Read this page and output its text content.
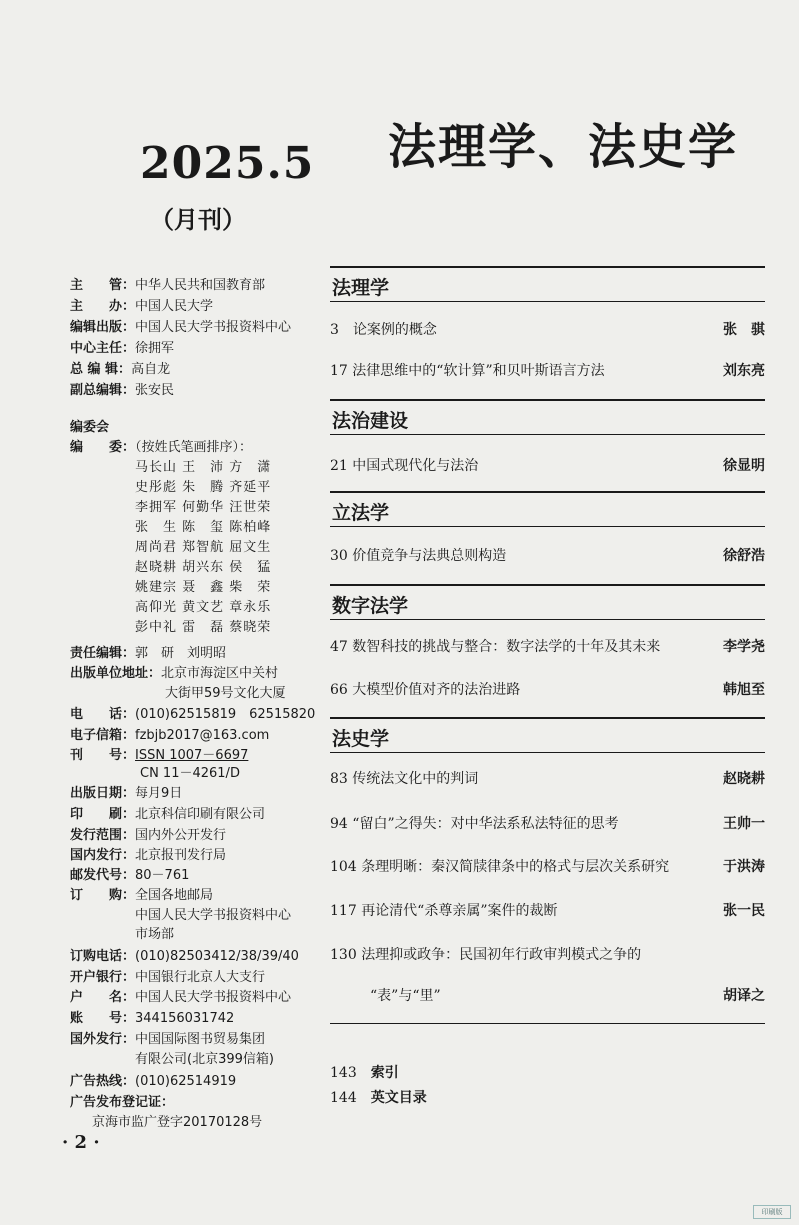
2025.5
（月刊）
法理学、法史学
主　　管：中华人民共和国教育部
主　　办：中国人民大学
编辑出版：中国人民大学书报资料中心
中心主任：徐拥军
总 编 辑：高自龙
副总编辑：张安民
编委会
编　　委：（按姓氏笔画排序）：
马长山 王　沛 方　潇
史彤彪 朱　腾 齐延平
李拥军 何勤华 汪世荣
张　生 陈　玺 陈柏峰
周尚君 郑智航 屈文生
赵晓耕 胡兴东 侯　猛
姚建宗 聂　鑫 柴　荣
高仰光 黄文艺 章永乐
彭中礼 雷　磊 蔡晓荣
责任编辑：郭　研　刘明昭
出版单位地址：北京市海淀区中关村
大街甲59号文化大厦
电　　话：(010)62515819　62515820
电子信箱：fzbjb2017@163.com
刊　　号：ISSN 1007－6697
CN 11－4261/D
出版日期：每月9日
印　　刷：北京科信印刷有限公司
发行范围：国内外公开发行
国内发行：北京报刊发行局
邮发代号：80－761
订　　购：全国各地邮局
中国人民大学书报资料中心
市场部
订购电话：(010)82503412/38/39/40
开户银行：中国银行北京人大支行
户　　名：中国人民大学书报资料中心
账　　号：344156031742
国外发行：中国国际图书贸易集团
有限公司(北京399信箱)
广告热线：(010)62514919
广告发布登记证：
京海市监广登字20170128号
法理学
3　 论案例的概念	张　骐
17 法律思维中的“软计算”和贝叶斯语言方法	刘东亮
法治建设
21 中国式现代化与法治	徐显明
立法学
30 价值竞争与法典总则构造	徐舒浩
数字法学
47 数智科技的挑战与整合：数字法学的十年及其未来	李学尧
66 大模型价值对齐的法治进路	韩旭至
法史学
83 传统法文化中的判词	赵晓耕
94 “留白”之得失：对中华法系私法特征的思考	王帅一
104 条理明晰：秦汉简牍律条中的格式与层次关系研究	于洪涛
117 再论清代“杀尊亲属”案件的裁断	张一民
130 法理抑或政争：民国初年行政审判模式之争的
“表”与“里”	胡译之
143　 索引
144　 英文目录
· 2 ·
印刷版
